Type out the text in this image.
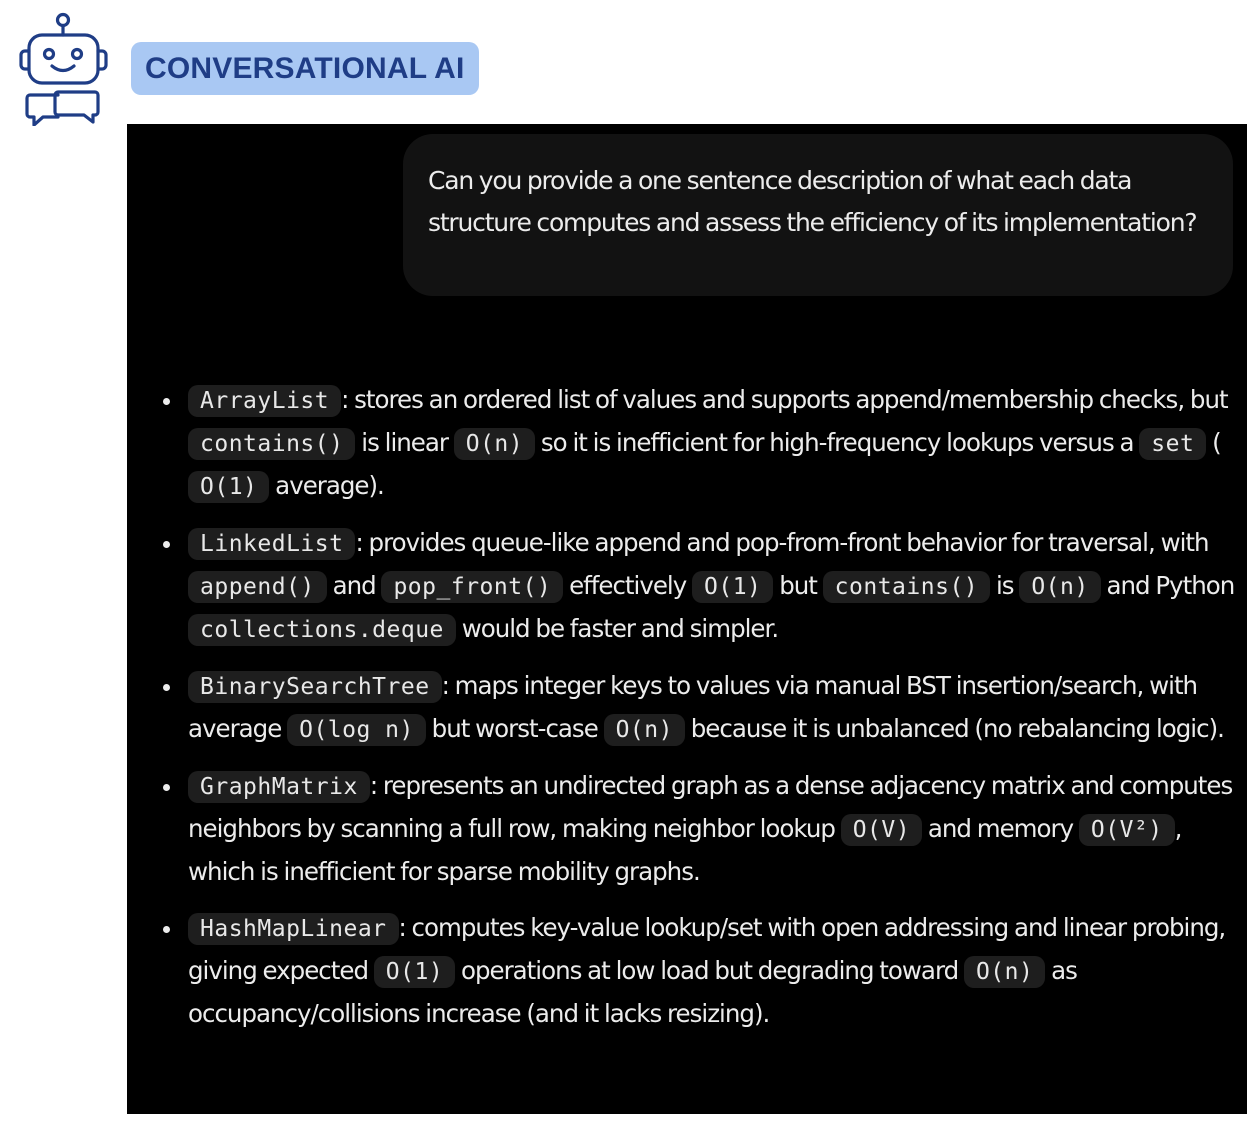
CONVERSATIONAL AI
Can you provide a one sentence description of what each data structure computes and assess the efficiency of its implementation?
ArrayList : stores an ordered list of values and supports append/membership checks, but contains() is linear O(n) so it is inefficient for high-frequency lookups versus a set ( O(1) average).
LinkedList : provides queue-like append and pop-from-front behavior for traversal, with append() and pop_front() effectively O(1) but contains() is O(n) and Python collections.deque would be faster and simpler.
BinarySearchTree : maps integer keys to values via manual BST insertion/search, with average O(log n) but worst-case O(n) because it is unbalanced (no rebalancing logic).
GraphMatrix : represents an undirected graph as a dense adjacency matrix and computes neighbors by scanning a full row, making neighbor lookup O(V) and memory O(V²) , which is inefficient for sparse mobility graphs.
HashMapLinear : computes key-value lookup/set with open addressing and linear probing, giving expected O(1) operations at low load but degrading toward O(n) as occupancy/collisions increase (and it lacks resizing).
